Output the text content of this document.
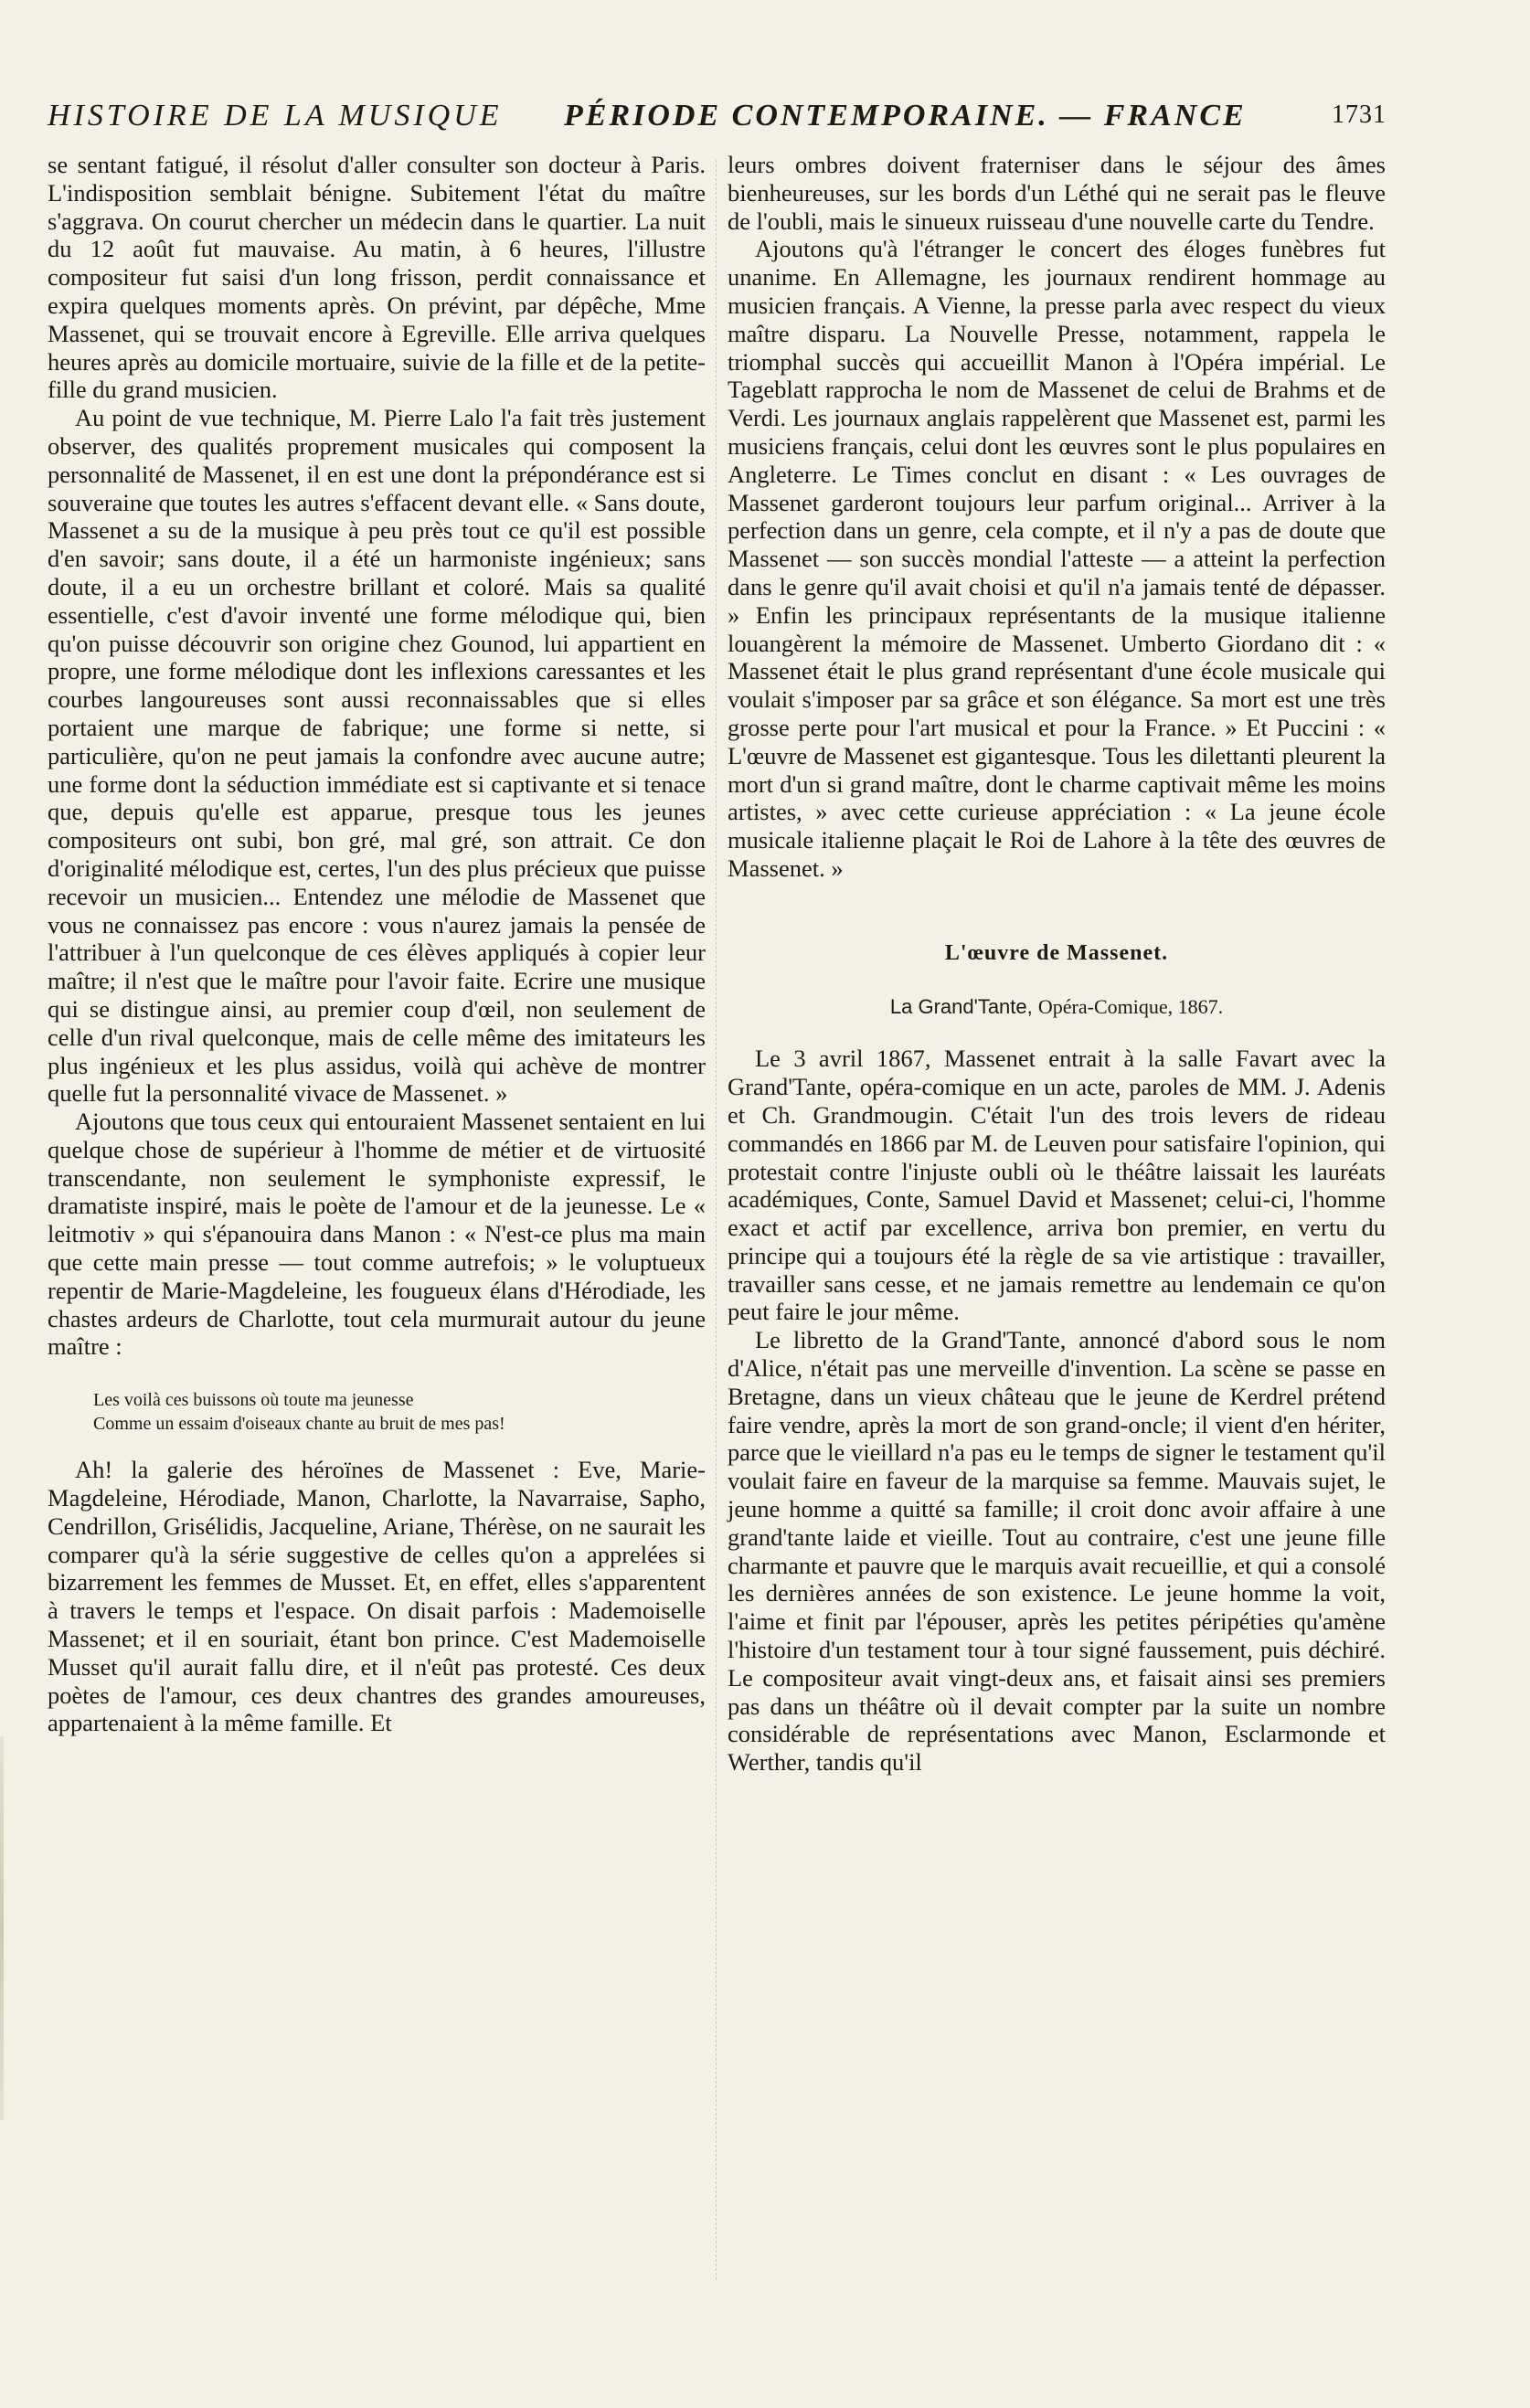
HISTOIRE DE LA MUSIQUE PÉRIODE CONTEMPORAINE. — FRANCE	1731

se sentant fatigué, il résolut d'aller consulter son docteur à Paris. L'indisposition semblait bénigne. Subitement l'état du maître s'aggrava. On courut chercher un médecin dans le quartier. La nuit du 12 août fut mauvaise. Au matin, à 6 heures, l'illustre compositeur fut saisi d'un long frisson, perdit connaissance et expira quelques moments après. On prévint, par dépêche, Mme Massenet, qui se trouvait encore à Egreville. Elle arriva quelques heures après au domicile mortuaire, suivie de la fille et de la petite-fille du grand musicien.

Au point de vue technique, M. Pierre Lalo l'a fait très justement observer, des qualités proprement musicales qui composent la personnalité de Massenet, il en est une dont la prépondérance est si souveraine que toutes les autres s'effacent devant elle. « Sans doute, Massenet a su de la musique à peu près tout ce qu'il est possible d'en savoir; sans doute, il a été un harmoniste ingénieux; sans doute, il a eu un orchestre brillant et coloré. Mais sa qualité essentielle, c'est d'avoir inventé une forme mélodique qui, bien qu'on puisse découvrir son origine chez Gounod, lui appartient en propre, une forme mélodique dont les inflexions caressantes et les courbes langoureuses sont aussi reconnaissables que si elles portaient une marque de fabrique; une forme si nette, si particulière, qu'on ne peut jamais la confondre avec aucune autre; une forme dont la séduction immédiate est si captivante et si tenace que, depuis qu'elle est apparue, presque tous les jeunes compositeurs ont subi, bon gré, mal gré, son attrait. Ce don d'originalité mélodique est, certes, l'un des plus précieux que puisse recevoir un musicien... Entendez une mélodie de Massenet que vous ne connaissez pas encore : vous n'aurez jamais la pensée de l'attribuer à l'un quelconque de ces élèves appliqués à copier leur maître; il n'est que le maître pour l'avoir faite. Ecrire une musique qui se distingue ainsi, au premier coup d'œil, non seulement de celle d'un rival quelconque, mais de celle même des imitateurs les plus ingénieux et les plus assidus, voilà qui achève de montrer quelle fut la personnalité vivace de Massenet. »

Ajoutons que tous ceux qui entouraient Massenet sentaient en lui quelque chose de supérieur à l'homme de métier et de virtuosité transcendante, non seulement le symphoniste expressif, le dramatiste inspiré, mais le poète de l'amour et de la jeunesse. Le « leitmotiv » qui s'épanouira dans Manon : « N'est-ce plus ma main que cette main presse — tout comme autrefois; » le voluptueux repentir de Marie-Magdeleine, les fougueux élans d'Hérodiade, les chastes ardeurs de Charlotte, tout cela murmurait autour du jeune maître :

Les voilà ces buissons où toute ma jeunesse
Comme un essaim d'oiseaux chante au bruit de mes pas!

Ah! la galerie des héroïnes de Massenet : Eve, Marie-Magdeleine, Hérodiade, Manon, Charlotte, la Navarraise, Sapho, Cendrillon, Grisélidis, Jacqueline, Ariane, Thérèse, on ne saurait les comparer qu'à la série suggestive de celles qu'on a apprelées si bizarrement les femmes de Musset. Et, en effet, elles s'apparentent à travers le temps et l'espace. On disait parfois : Mademoiselle Massenet; et il en souriait, étant bon prince. C'est Mademoiselle Musset qu'il aurait fallu dire, et il n'eût pas protesté. Ces deux poètes de l'amour, ces deux chantres des grandes amoureuses, appartenaient à la même famille. Et

leurs ombres doivent fraterniser dans le séjour des âmes bienheureuses, sur les bords d'un Léthé qui ne serait pas le fleuve de l'oubli, mais le sinueux ruisseau d'une nouvelle carte du Tendre.

Ajoutons qu'à l'étranger le concert des éloges funèbres fut unanime. En Allemagne, les journaux rendirent hommage au musicien français. A Vienne, la presse parla avec respect du vieux maître disparu. La Nouvelle Presse, notamment, rappela le triomphal succès qui accueillit Manon à l'Opéra impérial. Le Tageblatt rapprocha le nom de Massenet de celui de Brahms et de Verdi. Les journaux anglais rappelèrent que Massenet est, parmi les musiciens français, celui dont les œuvres sont le plus populaires en Angleterre. Le Times conclut en disant : « Les ouvrages de Massenet garderont toujours leur parfum original... Arriver à la perfection dans un genre, cela compte, et il n'y a pas de doute que Massenet — son succès mondial l'atteste — a atteint la perfection dans le genre qu'il avait choisi et qu'il n'a jamais tenté de dépasser. » Enfin les principaux représentants de la musique italienne louangèrent la mémoire de Massenet. Umberto Giordano dit : « Massenet était le plus grand représentant d'une école musicale qui voulait s'imposer par sa grâce et son élégance. Sa mort est une très grosse perte pour l'art musical et pour la France. » Et Puccini : « L'œuvre de Massenet est gigantesque. Tous les dilettanti pleurent la mort d'un si grand maître, dont le charme captivait même les moins artistes, » avec cette curieuse appréciation : « La jeune école musicale italienne plaçait le Roi de Lahore à la tête des œuvres de Massenet. »

L'œuvre de Massenet.
La Grand'Tante, Opéra-Comique, 1867.

Le 3 avril 1867, Massenet entrait à la salle Favart avec la Grand'Tante, opéra-comique en un acte, paroles de MM. J. Adenis et Ch. Grandmougin. C'était l'un des trois levers de rideau commandés en 1866 par M. de Leuven pour satisfaire l'opinion, qui protestait contre l'injuste oubli où le théâtre laissait les lauréats académiques, Conte, Samuel David et Massenet; celui-ci, l'homme exact et actif par excellence, arriva bon premier, en vertu du principe qui a toujours été la règle de sa vie artistique : travailler, travailler sans cesse, et ne jamais remettre au lendemain ce qu'on peut faire le jour même.

Le libretto de la Grand'Tante, annoncé d'abord sous le nom d'Alice, n'était pas une merveille d'invention. La scène se passe en Bretagne, dans un vieux château que le jeune de Kerdrel prétend faire vendre, après la mort de son grand-oncle; il vient d'en hériter, parce que le vieillard n'a pas eu le temps de signer le testament qu'il voulait faire en faveur de la marquise sa femme. Mauvais sujet, le jeune homme a quitté sa famille; il croit donc avoir affaire à une grand'tante laide et vieille. Tout au contraire, c'est une jeune fille charmante et pauvre que le marquis avait recueillie, et qui a consolé les dernières années de son existence. Le jeune homme la voit, l'aime et finit par l'épouser, après les petites péripéties qu'amène l'histoire d'un testament tour à tour signé faussement, puis déchiré. Le compositeur avait vingt-deux ans, et faisait ainsi ses premiers pas dans un théâtre où il devait compter par la suite un nombre considérable de représentations avec Manon, Esclarmonde et Werther, tandis qu'il
